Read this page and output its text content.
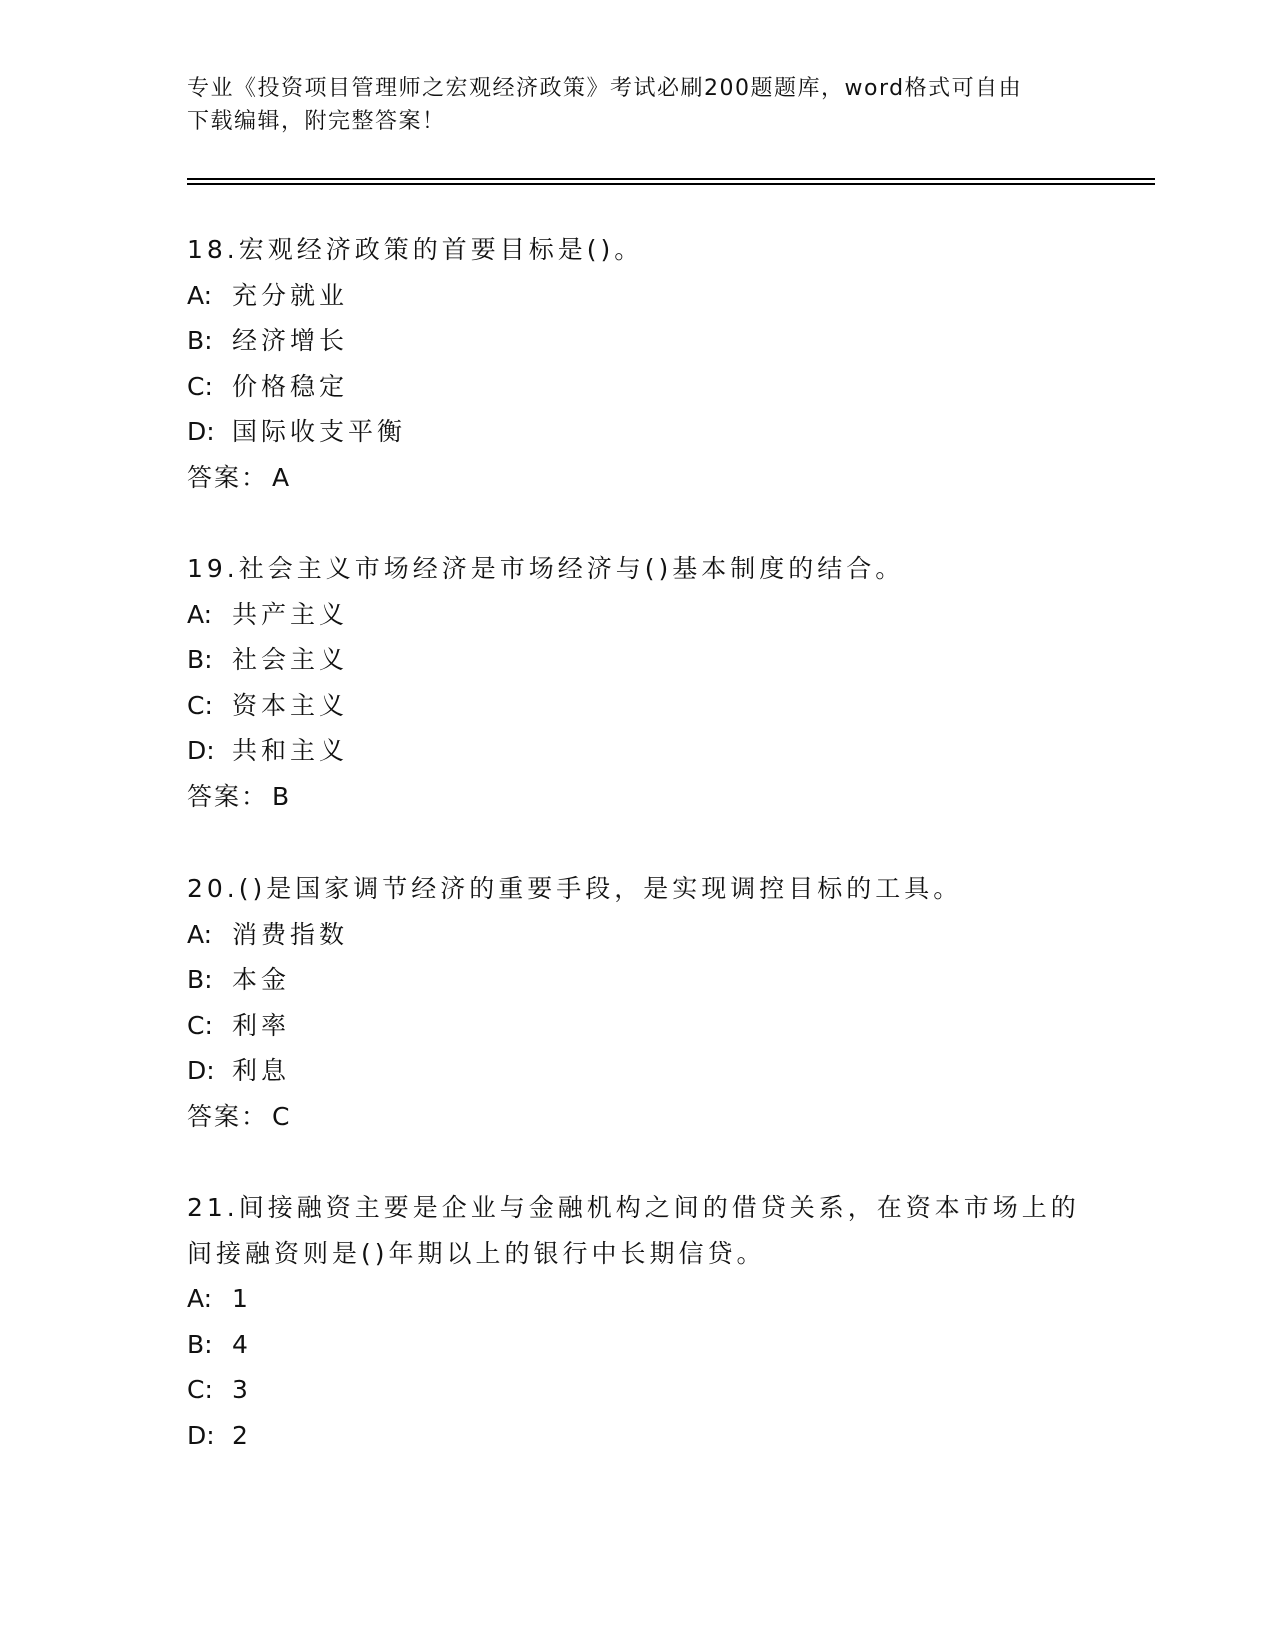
专业《投资项目管理师之宏观经济政策》考试必刷200题题库，word格式可自由
下载编辑，附完整答案！
18.宏观经济政策的首要目标是()。
A: 充分就业
B: 经济增长
C: 价格稳定
D: 国际收支平衡
答案： A
19.社会主义市场经济是市场经济与()基本制度的结合。
A: 共产主义
B: 社会主义
C: 资本主义
D: 共和主义
答案： B
20.()是国家调节经济的重要手段，是实现调控目标的工具。
A: 消费指数
B: 本金
C: 利率
D: 利息
答案： C
21.间接融资主要是企业与金融机构之间的借贷关系，在资本市场上的
间接融资则是()年期以上的银行中长期信贷。
A: 1
B: 4
C: 3
D: 2
